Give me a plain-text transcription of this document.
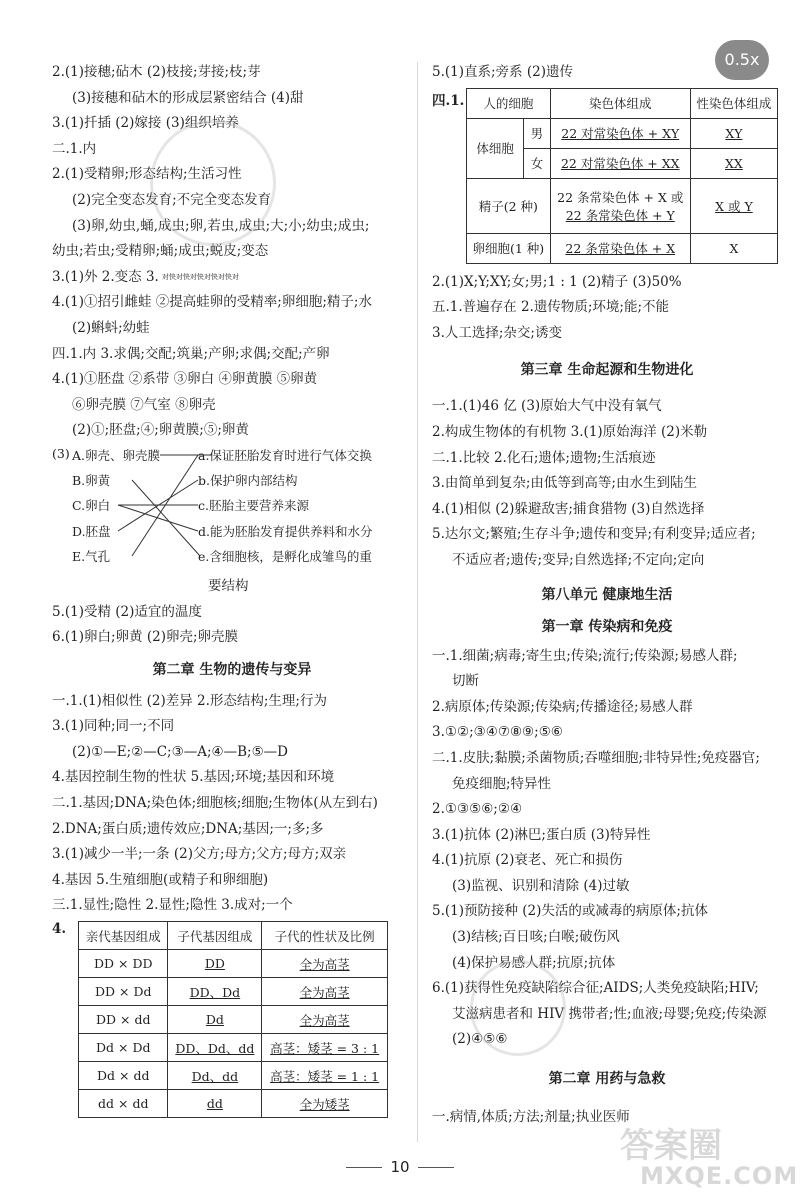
0.5x
2.(1)接穗;砧木 (2)枝接;芽接;枝;芽
(3)接穗和砧木的形成层紧密结合 (4)甜
3.(1)扦插 (2)嫁接 (3)组织培养
二.1.内
2.(1)受精卵;形态结构;生活习性
(2)完全变态发育;不完全变态发育
(3)卵,幼虫,蛹,成虫;卵,若虫,成虫;大;小;幼虫;成虫;
幼虫;若虫;受精卵;蛹;成虫;蜕皮;变态
3.(1)外 2.变态 3. 对快对快对快对快对快对
4.(1)①招引雌蛙 ②提高蛙卵的受精率;卵细胞;精子;水
(2)蝌蚪;幼蛙
四.1.内 3.求偶;交配;筑巢;产卵;求偶;交配;产卵
4.(1)①胚盘 ②系带 ③卵白 ④卵黄膜 ⑤卵黄
⑥卵壳膜 ⑦气室 ⑧卵壳
(2)①;胚盘;④;卵黄膜;⑤;卵黄
(3) A.卵壳、卵壳膜
B.卵黄
C.卵白
D.胚盘
E.气孔
a.保证胚胎发育时进行气体交换
b.保护卵内部结构
c.胚胎主要营养来源
d.能为胚胎发育提供养料和水分
e.含细胞核，是孵化成雏鸟的重
要结构
5.(1)受精 (2)适宜的温度
6.(1)卵白;卵黄 (2)卵壳;卵壳膜
第二章 生物的遗传与变异
一.1.(1)相似性 (2)差异 2.形态结构;生理;行为
3.(1)同种;同一;不同
(2)①—E;②—C;③—A;④—B;⑤—D
4.基因控制生物的性状 5.基因;环境;基因和环境
二.1.基因;DNA;染色体;细胞核;细胞;生物体(从左到右)
2.DNA;蛋白质;遗传效应;DNA;基因;一;多;多
3.(1)减少一半;一条 (2)父方;母方;父方;母方;双亲
4.基因 5.生殖细胞(或精子和卵细胞)
三.1.显性;隐性 2.显性;隐性 3.成对;一个
4.	亲代基因组成	子代基因组成	子代的性状及比例
DD × DD	DD	全为高茎
DD × Dd	DD、Dd	全为高茎
DD × dd	Dd	全为高茎
Dd × Dd	DD、Dd、dd	高茎：矮茎 = 3 : 1
Dd × dd	Dd、dd	高茎：矮茎 = 1 : 1
dd × dd	dd	全为矮茎
5.(1)直系;旁系 (2)遗传
四.1. 人的细胞		染色体组成	性染色体组成
体细胞	男	22 对常染色体 + XY	XY
	女	22 对常染色体 + XX	XX
精子(2 种)		22 条常染色体 + X 或
22 条常染色体 + Y	X 或 Y
卵细胞(1 种)		22 条常染色体 + X	X
2.(1)X;Y;XY;女;男;1 : 1 (2)精子 (3)50%
五.1.普遍存在 2.遗传物质;环境;能;不能
3.人工选择;杂交;诱变
第三章 生命起源和生物进化
一.1.(1)46 亿 (3)原始大气中没有氧气
2.构成生物体的有机物 3.(1)原始海洋 (2)米勒
二.1.比较 2.化石;遗体;遗物;生活痕迹
3.由简单到复杂;由低等到高等;由水生到陆生
4.(1)相似 (2)躲避敌害;捕食猎物 (3)自然选择
5.达尔文;繁殖;生存斗争;遗传和变异;有利变异;适应者;
不适应者;遗传;变异;自然选择;不定向;定向
第八单元 健康地生活
第一章 传染病和免疫
一.1.细菌;病毒;寄生虫;传染;流行;传染源;易感人群;
切断
2.病原体;传染源;传染病;传播途径;易感人群
3.①②;③④⑦⑧⑨;⑤⑥
二.1.皮肤;黏膜;杀菌物质;吞噬细胞;非特异性;免疫器官;
免疫细胞;特异性
2.①③⑤⑥;②④
3.(1)抗体 (2)淋巴;蛋白质 (3)特异性
4.(1)抗原 (2)衰老、死亡和损伤
(3)监视、识别和清除 (4)过敏
5.(1)预防接种 (2)失活的或减毒的病原体;抗体
(3)结核;百日咳;白喉;破伤风
(4)保护易感人群;抗原;抗体
6.(1)获得性免疫缺陷综合征;AIDS;人类免疫缺陷;HIV;
艾滋病患者和 HIV 携带者;性;血液;母婴;免疫;传染源
(2)④⑤⑥
第二章 用药与急救
一.病情,体质;方法;剂量;执业医师
10
答案圈
MXQE.COM
